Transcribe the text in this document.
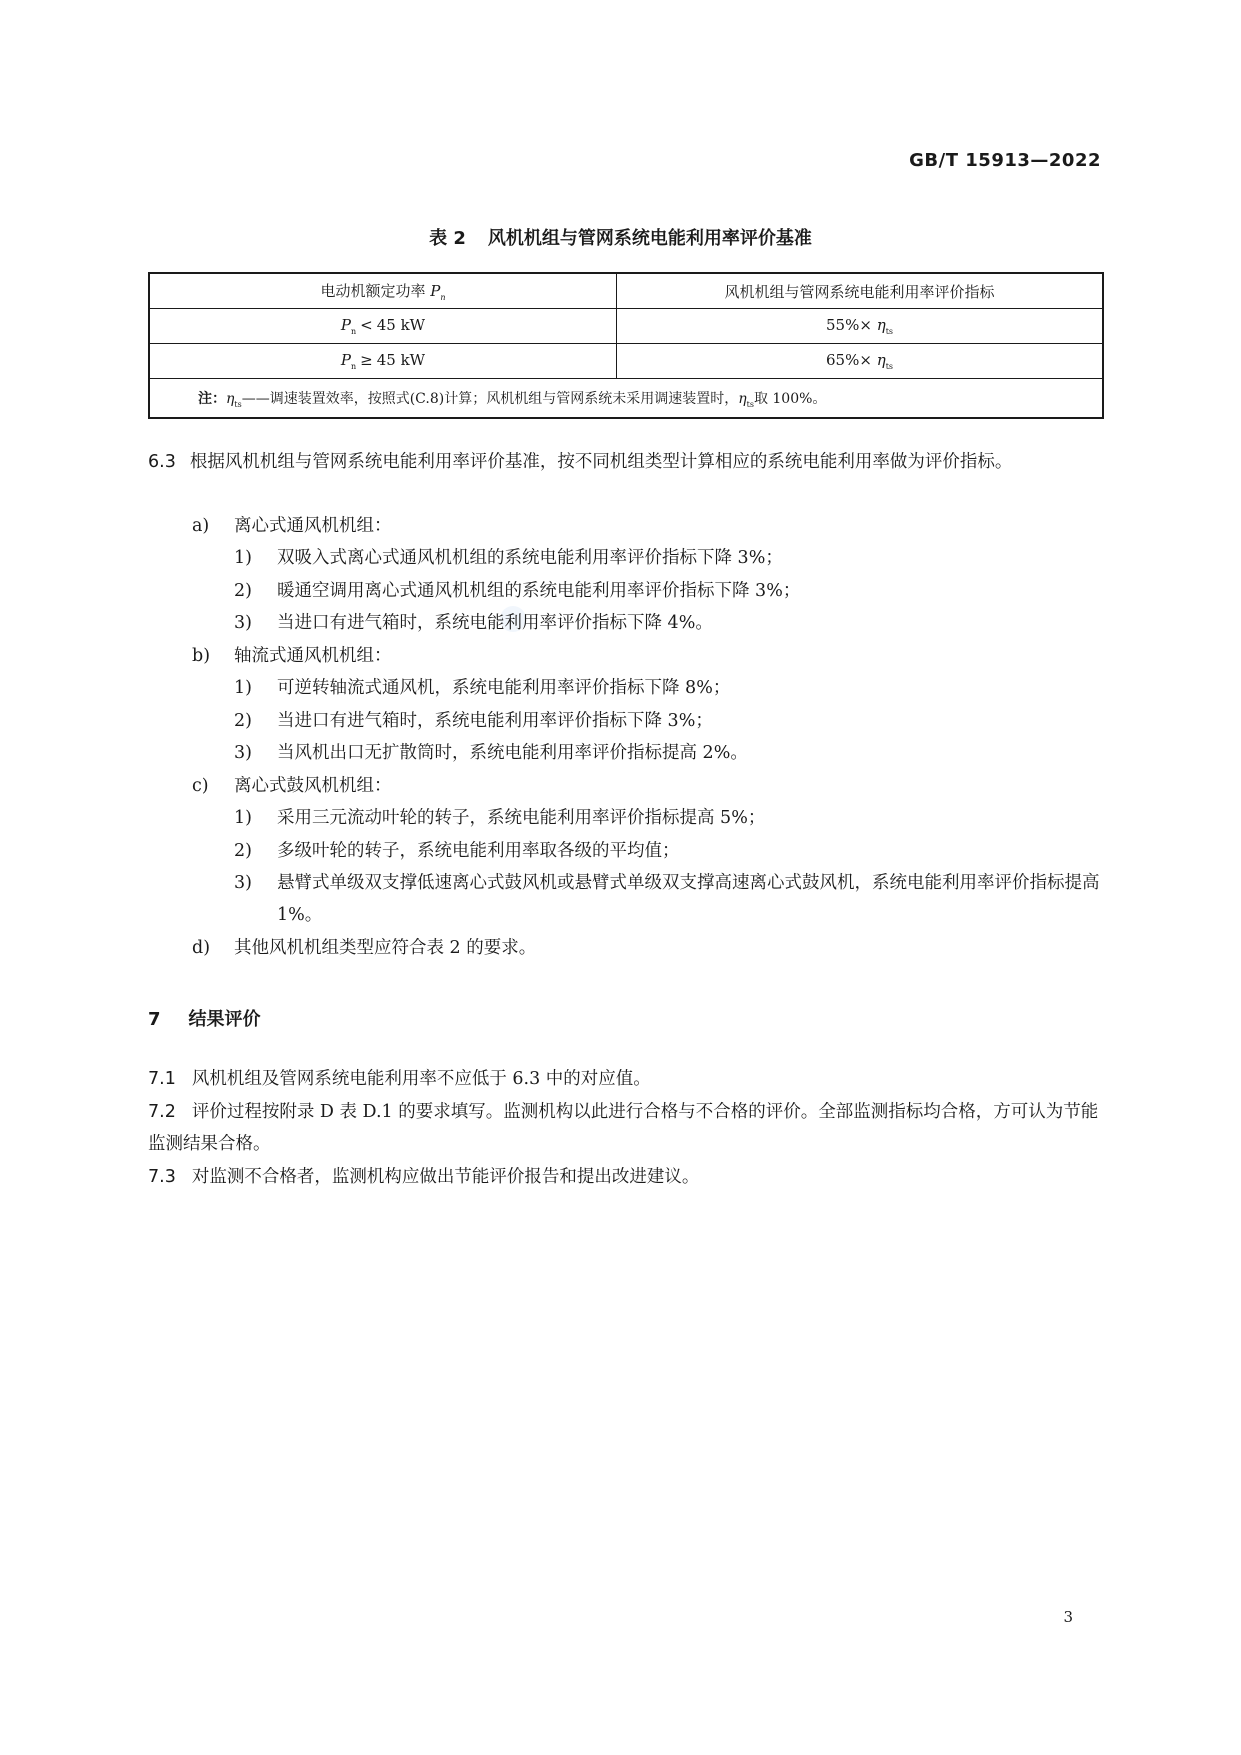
GB/T 15913—2022
表 2 风机机组与管网系统电能利用率评价基准
电动机额定功率 $P_n$	风机机组与管网系统电能利用率评价指标
$P_n < 45$ kW	$55\%\times \eta_{ts}$
$P_n \ge 45$ kW	$65\%\times \eta_{ts}$
注：$\eta_{ts}——$调速装置效率，按照式(C.8)计算；风机机组与管网系统未采用调速装置时，$\eta_{ts}$取 100%。	
6.3 根据风机机组与管网系统电能利用率评价基准，按不同机组类型计算相应的系统电能利用率做为评价指标。
a) 离心式通风机机组：
1) 双吸入式离心式通风机机组的系统电能利用率评价指标下降 3%；
2) 暖通空调用离心式通风机机组的系统电能利用率评价指标下降 3%；
3) 当进口有进气箱时，系统电能利用率评价指标下降 4%。
b) 轴流式通风机机组：
1) 可逆转轴流式通风机，系统电能利用率评价指标下降 8%；
2) 当进口有进气箱时，系统电能利用率评价指标下降 3%；
3) 当风机出口无扩散筒时，系统电能利用率评价指标提高 2%。
c) 离心式鼓风机机组：
1) 采用三元流动叶轮的转子，系统电能利用率评价指标提高 5%；
2) 多级叶轮的转子，系统电能利用率取各级的平均值；
3)	悬臂式单级双支撑低速离心式鼓风机或悬臂式单级双支撑高速离心式鼓风机，系统电能利用率评价指标提高 1%。
d) 其他风机机组类型应符合表 2 的要求。
7 结果评价
7.1 风机机组及管网系统电能利用率不应低于 6.3 中的对应值。
7.2 评价过程按附录 D 表 D.1 的要求填写。监测机构以此进行合格与不合格的评价。全部监测指标均合格，方可认为节能监测结果合格。
7.3 对监测不合格者，监测机构应做出节能评价报告和提出改进建议。
3
